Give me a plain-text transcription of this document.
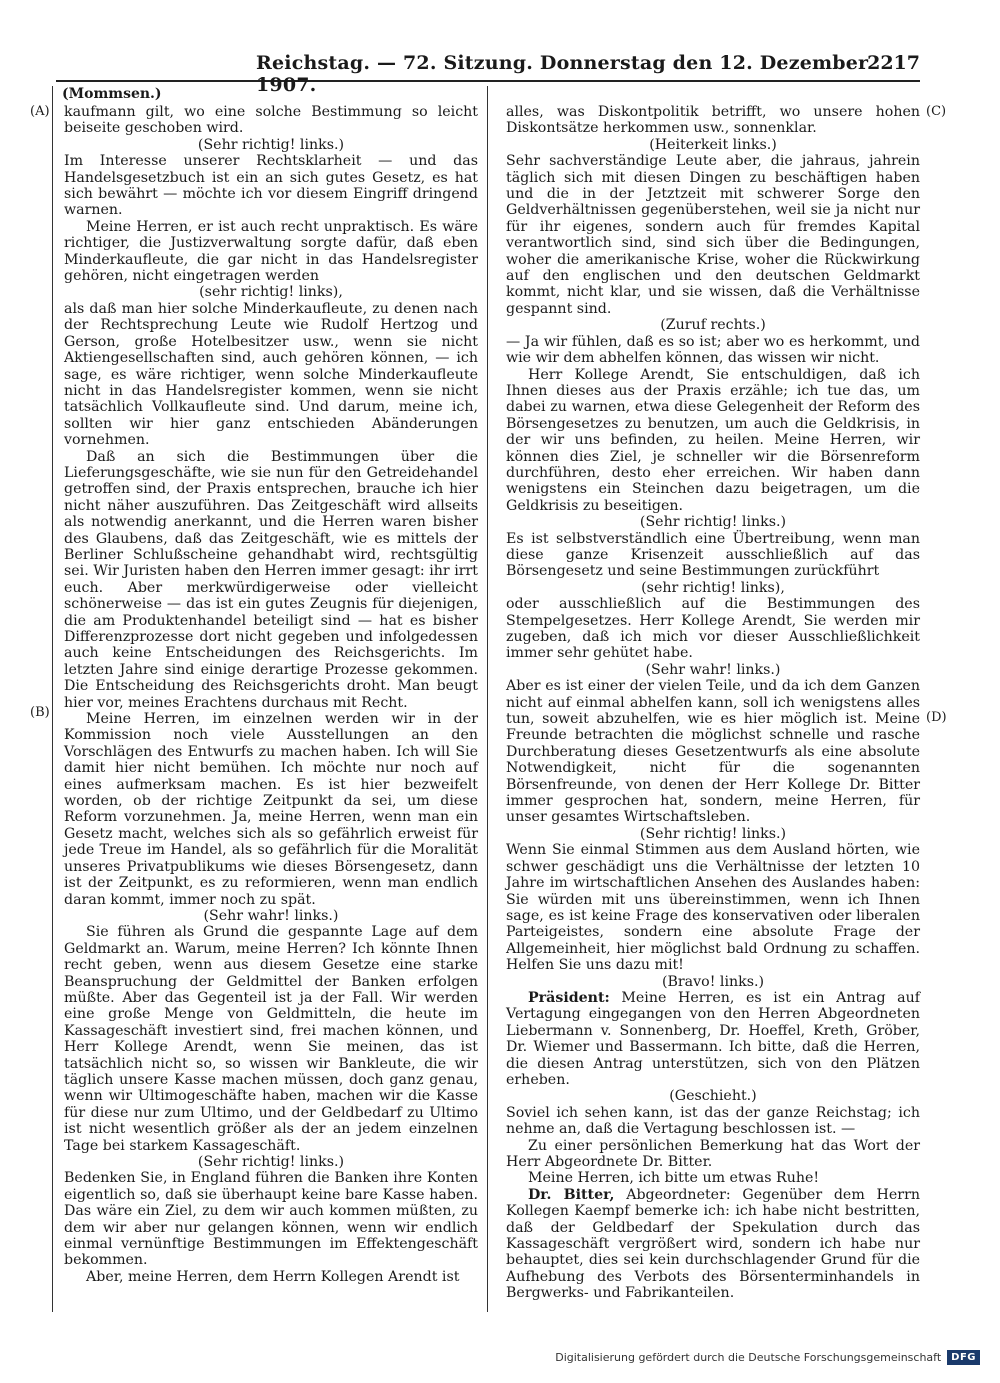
Reichstag. — 72. Sitzung. Donnerstag den 12. Dezember 1907.
2217
(Mommsen.)
(A)
(B)
(C)
(D)

kaufmann gilt, wo eine solche Bestimmung so leicht beiseite geschoben wird.

(Sehr richtig! links.)

Im Interesse unserer Rechtsklarheit — und das Handelsgesetzbuch ist ein an sich gutes Gesetz, es hat sich bewährt — möchte ich vor diesem Eingriff dringend warnen.

Meine Herren, er ist auch recht unpraktisch. Es wäre richtiger, die Justizverwaltung sorgte dafür, daß eben Minderkaufleute, die gar nicht in das Handelsregister gehören, nicht eingetragen werden

(sehr richtig! links),

als daß man hier solche Minderkaufleute, zu denen nach der Rechtsprechung Leute wie Rudolf Hertzog und Gerson, große Hotelbesitzer usw., wenn sie nicht Aktiengesellschaften sind, auch gehören können, — ich sage, es wäre richtiger, wenn solche Minderkaufleute nicht in das Handelsregister kommen, wenn sie nicht tatsächlich Vollkaufleute sind. Und darum, meine ich, sollten wir hier ganz entschieden Abänderungen vornehmen.

Daß an sich die Bestimmungen über die Lieferungsgeschäfte, wie sie nun für den Getreidehandel getroffen sind, der Praxis entsprechen, brauche ich hier nicht näher auszuführen. Das Zeitgeschäft wird allseits als notwendig anerkannt, und die Herren waren bisher des Glaubens, daß das Zeitgeschäft, wie es mittels der Berliner Schlußscheine gehandhabt wird, rechtsgültig sei. Wir Juristen haben den Herren immer gesagt: ihr irrt euch. Aber merkwürdigerweise oder vielleicht schönerweise — das ist ein gutes Zeugnis für diejenigen, die am Produktenhandel beteiligt sind — hat es bisher Differenzprozesse dort nicht gegeben und infolgedessen auch keine Entscheidungen des Reichsgerichts. Im letzten Jahre sind einige derartige Prozesse gekommen. Die Entscheidung des Reichsgerichts droht. Man beugt hier vor, meines Erachtens durchaus mit Recht.

Meine Herren, im einzelnen werden wir in der Kommission noch viele Ausstellungen an den Vorschlägen des Entwurfs zu machen haben. Ich will Sie damit hier nicht bemühen. Ich möchte nur noch auf eines aufmerksam machen. Es ist hier bezweifelt worden, ob der richtige Zeitpunkt da sei, um diese Reform vorzunehmen. Ja, meine Herren, wenn man ein Gesetz macht, welches sich als so gefährlich erweist für jede Treue im Handel, als so gefährlich für die Moralität unseres Privatpublikums wie dieses Börsengesetz, dann ist der Zeitpunkt, es zu reformieren, wenn man endlich daran kommt, immer noch zu spät.

(Sehr wahr! links.)

Sie führen als Grund die gespannte Lage auf dem Geldmarkt an. Warum, meine Herren? Ich könnte Ihnen recht geben, wenn aus diesem Gesetze eine starke Beanspruchung der Geldmittel der Banken erfolgen müßte. Aber das Gegenteil ist ja der Fall. Wir werden eine große Menge von Geldmitteln, die heute im Kassageschäft investiert sind, frei machen können, und Herr Kollege Arendt, wenn Sie meinen, das ist tatsächlich nicht so, so wissen wir Bankleute, die wir täglich unsere Kasse machen müssen, doch ganz genau, wenn wir Ultimogeschäfte haben, machen wir die Kasse für diese nur zum Ultimo, und der Geldbedarf zu Ultimo ist nicht wesentlich größer als der an jedem einzelnen Tage bei starkem Kassageschäft.

(Sehr richtig! links.)

Bedenken Sie, in England führen die Banken ihre Konten eigentlich so, daß sie überhaupt keine bare Kasse haben. Das wäre ein Ziel, zu dem wir auch kommen müßten, zu dem wir aber nur gelangen können, wenn wir endlich einmal vernünftige Bestimmungen im Effektengeschäft bekommen.

Aber, meine Herren, dem Herrn Kollegen Arendt ist

alles, was Diskontpolitik betrifft, wo unsere hohen Diskontsätze herkommen usw., sonnenklar.

(Heiterkeit links.)

Sehr sachverständige Leute aber, die jahraus, jahrein täglich sich mit diesen Dingen zu beschäftigen haben und die in der Jetztzeit mit schwerer Sorge den Geldverhältnissen gegenüberstehen, weil sie ja nicht nur für ihr eigenes, sondern auch für fremdes Kapital verantwortlich sind, sind sich über die Bedingungen, woher die amerikanische Krise, woher die Rückwirkung auf den englischen und den deutschen Geldmarkt kommt, nicht klar, und sie wissen, daß die Verhältnisse gespannt sind.

(Zuruf rechts.)

— Ja wir fühlen, daß es so ist; aber wo es herkommt, und wie wir dem abhelfen können, das wissen wir nicht.

Herr Kollege Arendt, Sie entschuldigen, daß ich Ihnen dieses aus der Praxis erzähle; ich tue das, um dabei zu warnen, etwa diese Gelegenheit der Reform des Börsengesetzes zu benutzen, um auch die Geldkrisis, in der wir uns befinden, zu heilen. Meine Herren, wir können dies Ziel, je schneller wir die Börsenreform durchführen, desto eher erreichen. Wir haben dann wenigstens ein Steinchen dazu beigetragen, um die Geldkrisis zu beseitigen.

(Sehr richtig! links.)

Es ist selbstverständlich eine Übertreibung, wenn man diese ganze Krisenzeit ausschließlich auf das Börsengesetz und seine Bestimmungen zurückführt

(sehr richtig! links),

oder ausschließlich auf die Bestimmungen des Stempelgesetzes. Herr Kollege Arendt, Sie werden mir zugeben, daß ich mich vor dieser Ausschließlichkeit immer sehr gehütet habe.

(Sehr wahr! links.)

Aber es ist einer der vielen Teile, und da ich dem Ganzen nicht auf einmal abhelfen kann, soll ich wenigstens alles tun, soweit abzuhelfen, wie es hier möglich ist. Meine Freunde betrachten die möglichst schnelle und rasche Durchberatung dieses Gesetzentwurfs als eine absolute Notwendigkeit, nicht für die sogenannten Börsenfreunde, von denen der Herr Kollege Dr. Bitter immer gesprochen hat, sondern, meine Herren, für unser gesamtes Wirtschaftsleben.

(Sehr richtig! links.)

Wenn Sie einmal Stimmen aus dem Ausland hörten, wie schwer geschädigt uns die Verhältnisse der letzten 10 Jahre im wirtschaftlichen Ansehen des Auslandes haben: Sie würden mit uns übereinstimmen, wenn ich Ihnen sage, es ist keine Frage des konservativen oder liberalen Parteigeistes, sondern eine absolute Frage der Allgemeinheit, hier möglichst bald Ordnung zu schaffen. Helfen Sie uns dazu mit!

(Bravo! links.)

Präsident: Meine Herren, es ist ein Antrag auf Vertagung eingegangen von den Herren Abgeordneten Liebermann v. Sonnenberg, Dr. Hoeffel, Kreth, Gröber, Dr. Wiemer und Bassermann. Ich bitte, daß die Herren, die diesen Antrag unterstützen, sich von den Plätzen erheben.

(Geschieht.)

Soviel ich sehen kann, ist das der ganze Reichstag; ich nehme an, daß die Vertagung beschlossen ist. —

Zu einer persönlichen Bemerkung hat das Wort der Herr Abgeordnete Dr. Bitter.

Meine Herren, ich bitte um etwas Ruhe!

Dr. Bitter, Abgeordneter: Gegenüber dem Herrn Kollegen Kaempf bemerke ich: ich habe nicht bestritten, daß der Geldbedarf der Spekulation durch das Kassageschäft vergrößert wird, sondern ich habe nur behauptet, dies sei kein durchschlagender Grund für die Aufhebung des Verbots des Börsenterminhandels in Bergwerks- und Fabrikanteilen.

Digitalisierung gefördert durch die Deutsche Forschungsgemeinschaft	DFG
